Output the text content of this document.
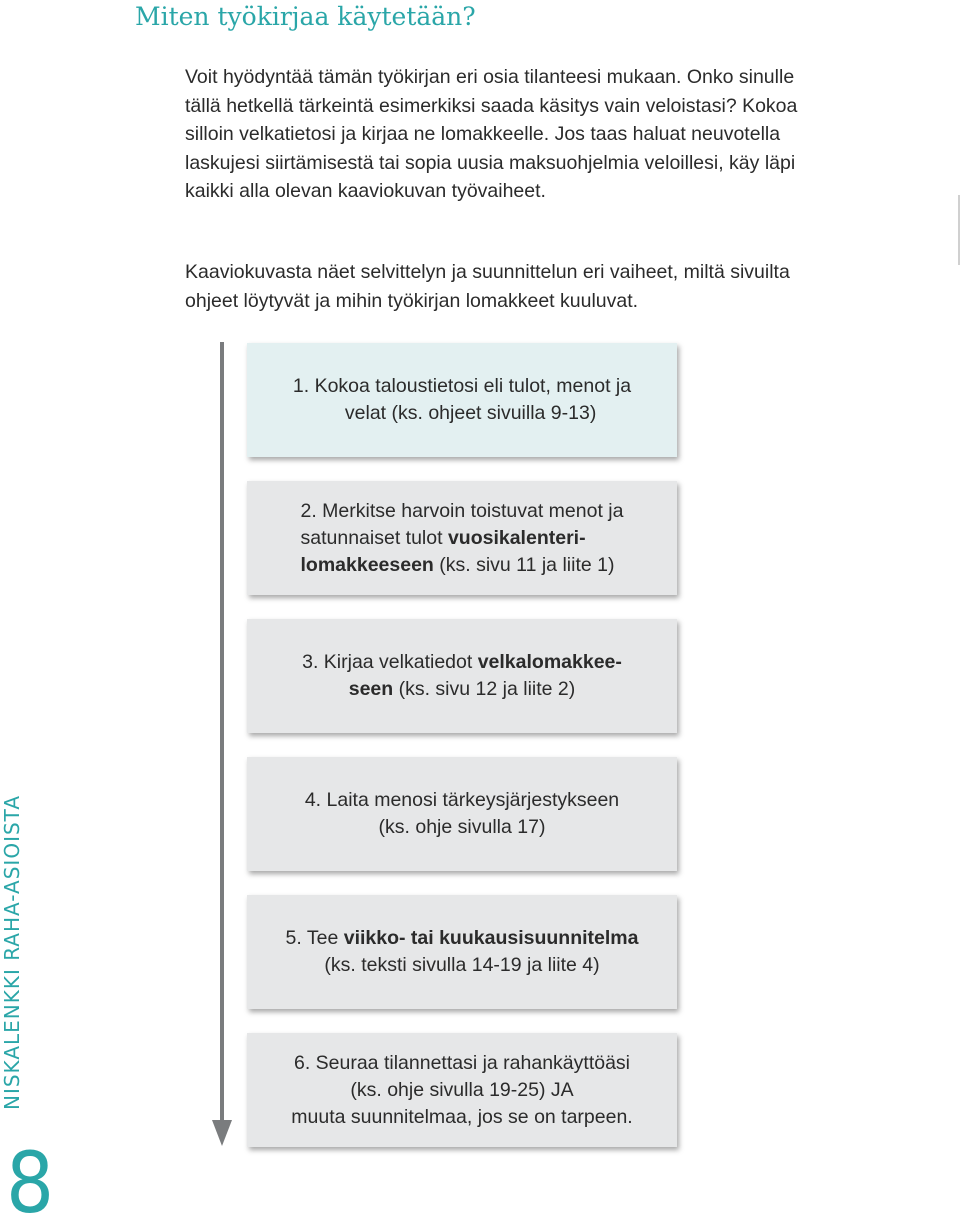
Miten työkirjaa käytetään?

Voit hyödyntää tämän työkirjan eri osia tilanteesi mukaan. Onko sinulle tällä hetkellä tärkeintä esimerkiksi saada käsitys vain veloistasi? Kokoa silloin velkatietosi ja kirjaa ne lomakkeelle. Jos taas haluat neuvotella laskujesi siirtämisestä tai sopia uusia maksuohjelmia veloillesi, käy läpi kaikki alla olevan kaaviokuvan työvaiheet.

Kaaviokuvasta näet selvittelyn ja suunnittelun eri vaiheet, miltä sivuilta ohjeet löytyvät ja mihin työkirjan lomakkeet kuuluvat.

1. Kokoa taloustietosi eli tulot, menot ja
velat (ks. ohjeet sivuilla 9-13)

2. Merkitse harvoin toistuvat menot ja
satunnaiset tulot vuosikalenteri-
lomakkeeseen (ks. sivu 11 ja liite 1)

3. Kirjaa velkatiedot velkalomakkee-
seen (ks. sivu 12 ja liite 2)

4. Laita menosi tärkeysjärjestykseen
(ks. ohje sivulla 17)

5. Tee viikko- tai kuukausisuunnitelma
(ks. teksti sivulla 14-19 ja liite 4)

6. Seuraa tilannettasi ja rahankäyttöäsi
(ks. ohje sivulla 19-25) JA
muuta suunnitelmaa, jos se on tarpeen.

NISKALENKKI RAHA-ASIOISTA
8
